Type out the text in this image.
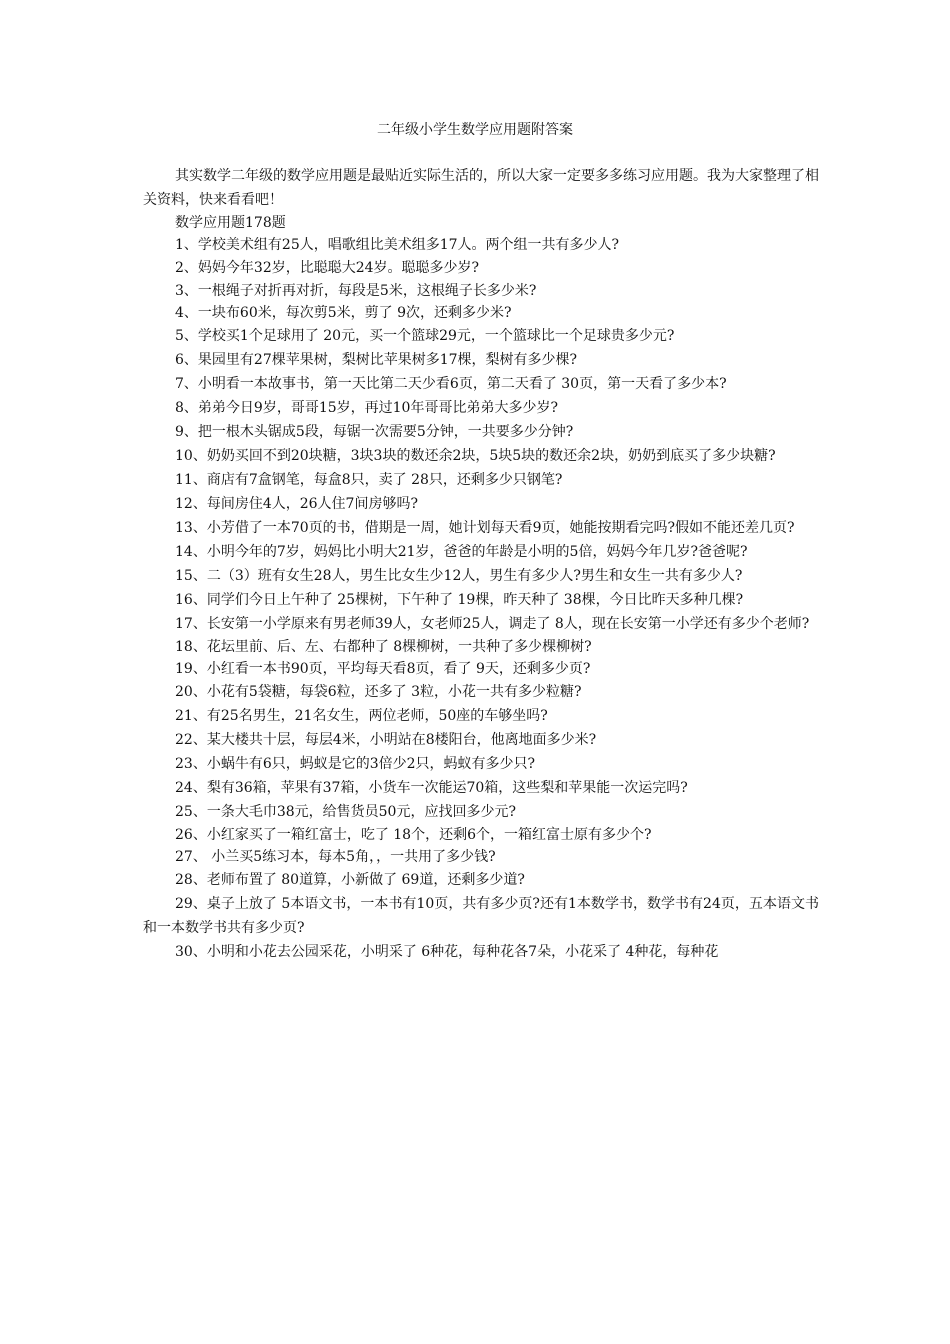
二年级小学生数学应用题附答案

其实数学二年级的数学应用题是最贴近实际生活的，所以大家一定要多多练习应用题。我为大家整理了相关资料，快来看看吧！

数学应用题178题

1、学校美术组有25人，唱歌组比美术组多17人。两个组一共有多少人?

2、妈妈今年32岁，比聪聪大24岁。聪聪多少岁?

3、一根绳子对折再对折，每段是5米，这根绳子长多少米?

4、一块布60米，每次剪5米，剪了 9次，还剩多少米?

5、学校买1个足球用了 20元，买一个篮球29元，一个篮球比一个足球贵多少元?

6、果园里有27棵苹果树，梨树比苹果树多17棵，梨树有多少棵?

7、小明看一本故事书，第一天比第二天少看6页，第二天看了 30页，第一天看了多少本?

8、弟弟今日9岁，哥哥15岁，再过10年哥哥比弟弟大多少岁?

9、把一根木头锯成5段，每锯一次需要5分钟，一共要多少分钟?

10、奶奶买回不到20块糖，3块3块的数还余2块，5块5块的数还余2块，奶奶到底买了多少块糖?

11、商店有7盒钢笔，每盒8只，卖了 28只，还剩多少只钢笔?

12、每间房住4人，26人住7间房够吗?

13、小芳借了一本70页的书，借期是一周，她计划每天看9页，她能按期看完吗?假如不能还差几页?

14、小明今年的7岁，妈妈比小明大21岁，爸爸的年龄是小明的5倍，妈妈今年几岁?爸爸呢?

15、二（3）班有女生28人，男生比女生少12人，男生有多少人?男生和女生一共有多少人?

16、同学们今日上午种了 25棵树，下午种了 19棵，昨天种了 38棵，今日比昨天多种几棵?

17、长安第一小学原来有男老师39人，女老师25人，调走了 8人，现在长安第一小学还有多少个老师?

18、花坛里前、后、左、右都种了 8棵柳树，一共种了多少棵柳树?

19、小红看一本书90页，平均每天看8页，看了 9天，还剩多少页?

20、小花有5袋糖，每袋6粒，还多了 3粒，小花一共有多少粒糖?

21、有25名男生，21名女生，两位老师，50座的车够坐吗?

22、某大楼共十层，每层4米，小明站在8楼阳台，他离地面多少米?

23、小蜗牛有6只，蚂蚁是它的3倍少2只，蚂蚁有多少只?

24、梨有36箱，苹果有37箱，小货车一次能运70箱，这些梨和苹果能一次运完吗?

25、一条大毛巾38元，给售货员50元，应找回多少元?

26、小红家买了一箱红富士，吃了 18个，还剩6个，一箱红富士原有多少个?

27、 小兰买5练习本，每本5角，，一共用了多少钱?

28、老师布置了 80道算，小新做了 69道，还剩多少道?

29、桌子上放了 5本语文书，一本书有10页，共有多少页?还有1本数学书，数学书有24页，五本语文书和一本数学书共有多少页?

30、小明和小花去公园采花，小明采了 6种花，每种花各7朵，小花采了 4种花，每种花
